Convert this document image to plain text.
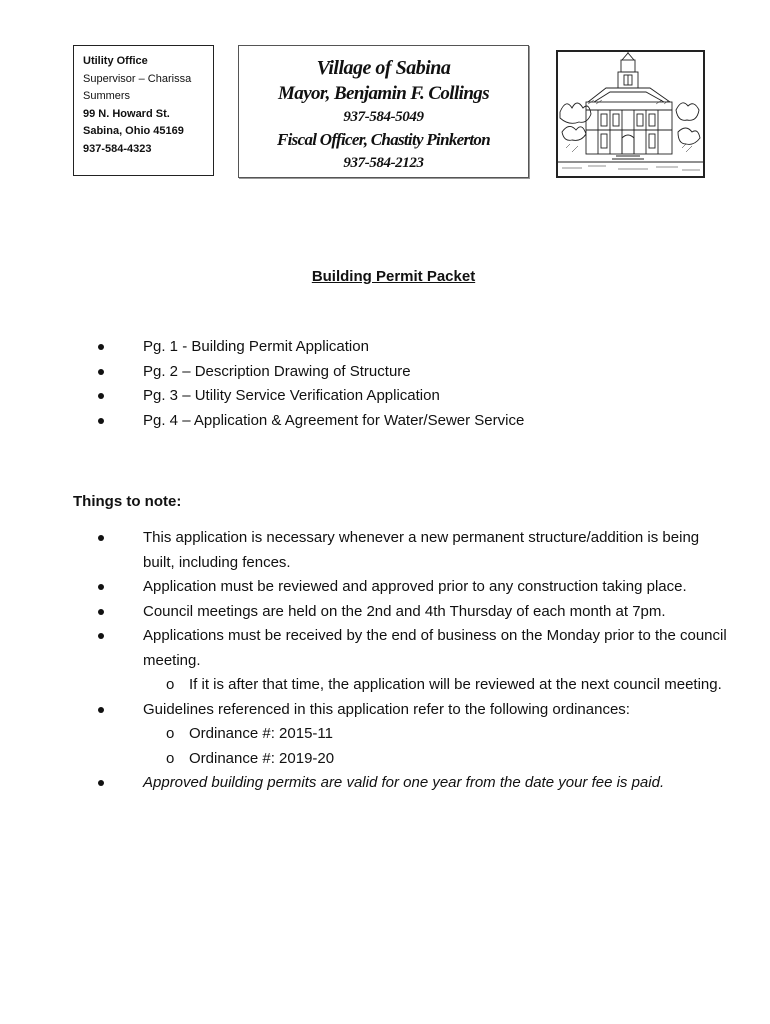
Utility Office
Supervisor – Charissa Summers
99 N. Howard St.
Sabina, Ohio 45169
937-584-4323
Village of Sabina
Mayor, Benjamin F. Collings
937-584-5049
Fiscal Officer, Chastity Pinkerton
937-584-2123
Building Permit Packet
Pg. 1 - Building Permit Application
Pg. 2 – Description Drawing of Structure
Pg. 3 – Utility Service Verification Application
Pg. 4 – Application & Agreement for Water/Sewer Service
Things to note:
This application is necessary whenever a new permanent structure/addition is being built, including fences.
Application must be reviewed and approved prior to any construction taking place.
Council meetings are held on the 2nd and 4th Thursday of each month at 7pm.
Applications must be received by the end of business on the Monday prior to the council meeting.
o If it is after that time, the application will be reviewed at the next council meeting.
Guidelines referenced in this application refer to the following ordinances:
o Ordinance #: 2015-11
o Ordinance #: 2019-20
Approved building permits are valid for one year from the date your fee is paid.
